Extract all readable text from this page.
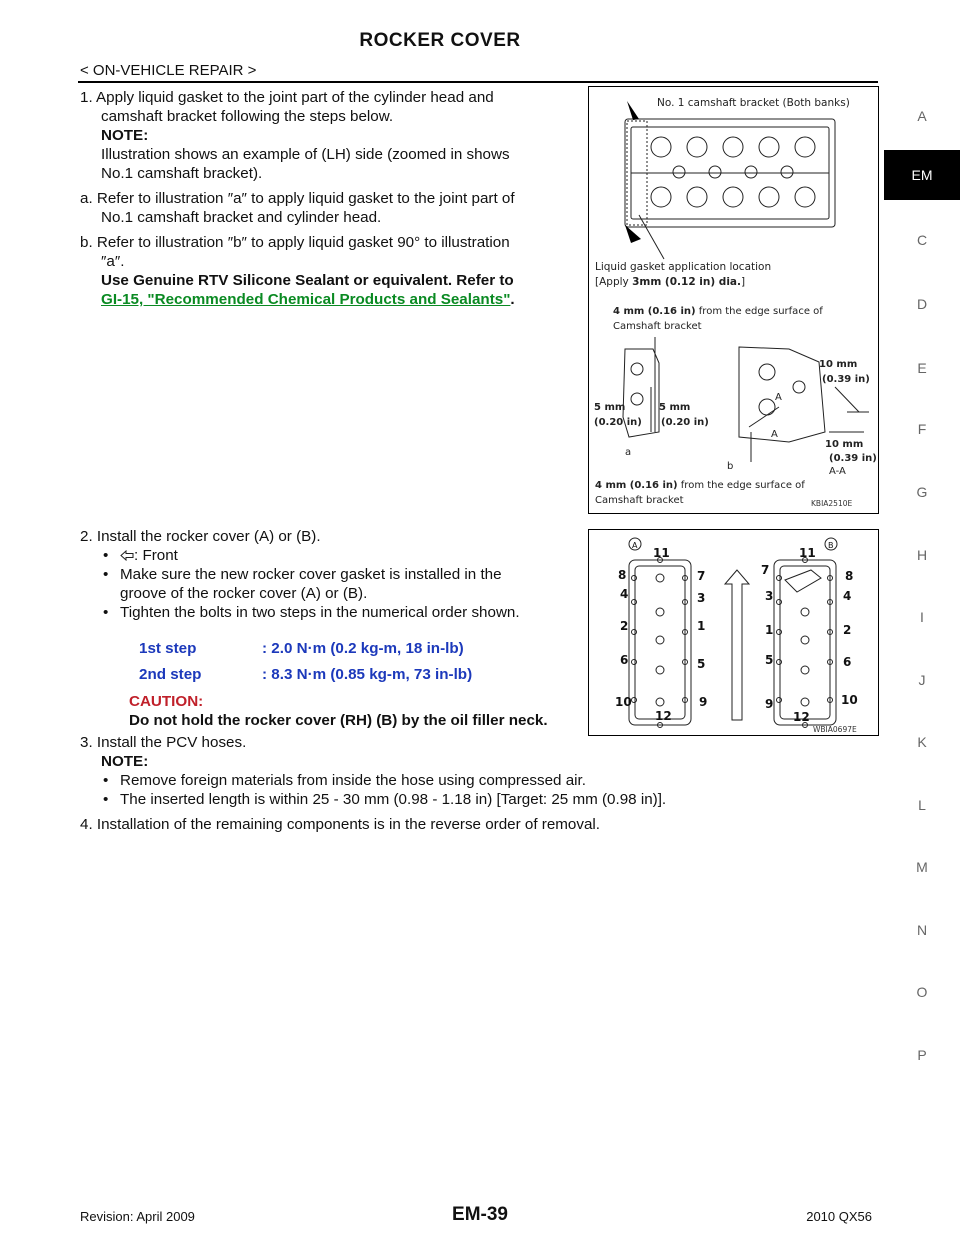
ROCKER COVER
< ON-VEHICLE REPAIR >
A
EM
C
D
E
F
G
H
I
J
K
L
M
N
O
P

1. Apply liquid gasket to the joint part of the cylinder head and

camshaft bracket following the steps below.

NOTE:

Illustration shows an example of (LH) side (zoomed in shows

No.1 camshaft bracket).

a. Refer to illustration ″a″ to apply liquid gasket to the joint part of

No.1 camshaft bracket and cylinder head.

b. Refer to illustration ″b″ to apply liquid gasket 90° to illustration

″a″.

Use Genuine RTV Silicone Sealant or equivalent. Refer to

GI-15, "Recommended Chemical Products and Sealants".

No. 1 camshaft bracket (Both banks)
Liquid gasket application location
[Apply 3mm (0.12 in) dia.]
4 mm (0.16 in) from the edge surface of
Camshaft bracket
10 mm
(0.39 in)
5 mm
(0.20 in)
5 mm
(0.20 in)
A
A
10 mm
(0.39 in)
A-A
a
b
4 mm (0.16 in) from the edge surface of
Camshaft bracket	KBIA2510E

2. Install the rocker cover (A) or (B).

• : Front

• Make sure the new rocker cover gasket is installed in the

groove of the rocker cover (A) or (B).

• Tighten the bolts in two steps in the numerical order shown.

1st step	: 2.0 N·m (0.2 kg-m, 18 in-lb)
2nd step	: 8.3 N·m (0.85 kg-m, 73 in-lb)

CAUTION:

Do not hold the rocker cover (RH) (B) by the oil filler neck.

A
11
8	7
4	3
2	1
6	5
10	9
12
B
11
7	8
3	4
1	2
5	6
9	10
12
WBIA0697E

3. Install the PCV hoses.

NOTE:

• Remove foreign materials from inside the hose using compressed air.

• The inserted length is within 25 - 30 mm (0.98 - 1.18 in) [Target: 25 mm (0.98 in)].

4. Installation of the remaining components is in the reverse order of removal.

Revision: April 2009	EM-39	2010 QX56
